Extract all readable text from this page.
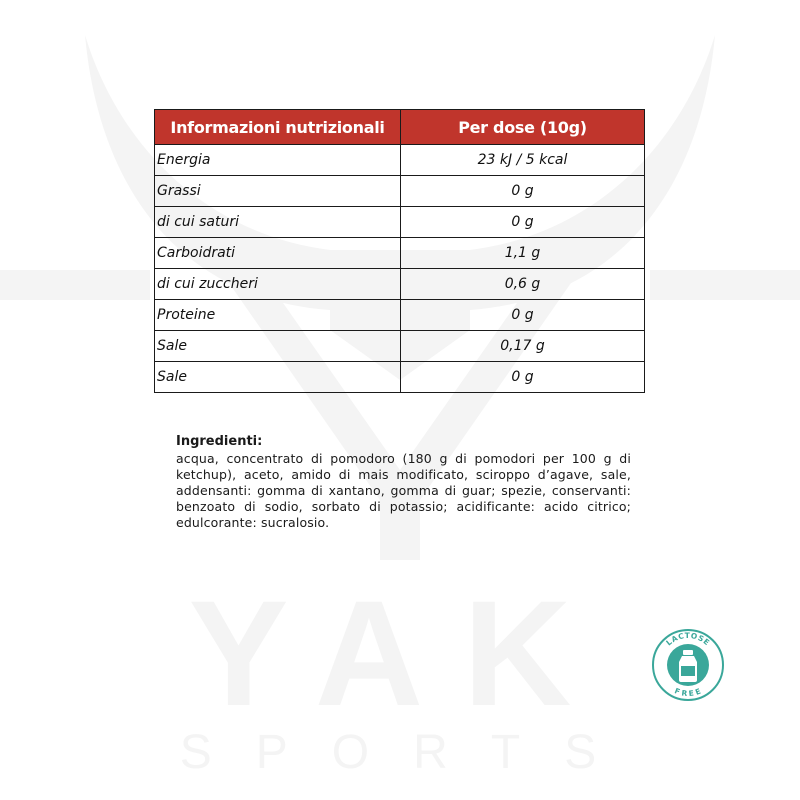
YAK
SPORTS
Informazioni nutrizionali	Per dose (10g)
Energia	23 kJ / 5 kcal
Grassi	0 g
di cui saturi	0 g
Carboidrati	1,1 g
di cui zuccheri	0,6 g
Proteine	0 g
Sale	0,17 g
Sale	0 g
Ingredienti:
acqua, concentrato di pomodoro (180 g di pomodori per 100 g di ketchup), aceto, amido di mais modificato, sciroppo d’agave, sale, addensanti: gomma di xantano, gomma di guar; spezie, conservanti: benzoato di sodio, sorbato di potassio; acidificante: acido citrico; edulcorante: sucralosio.
LACTOSE
FREE
